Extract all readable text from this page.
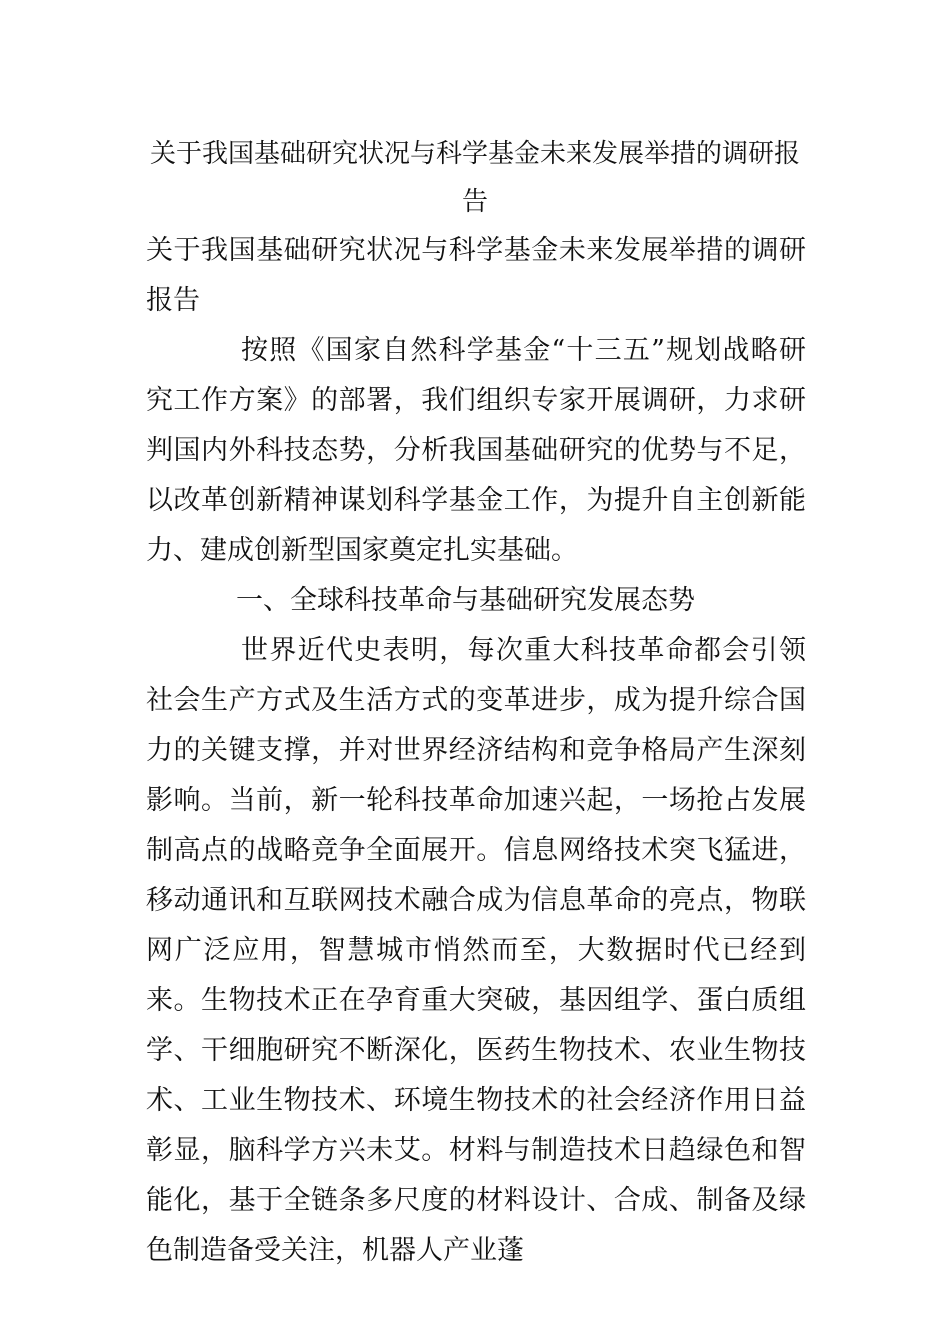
关于我国基础研究状况与科学基金未来发展举措的调研报告

关于我国基础研究状况与科学基金未来发展举措的调研报告

按照《国家自然科学基金“十三五”规划战略研究工作方案》的部署，我们组织专家开展调研，力求研判国内外科技态势，分析我国基础研究的优势与不足，以改革创新精神谋划科学基金工作，为提升自主创新能力、建成创新型国家奠定扎实基础。

一、全球科技革命与基础研究发展态势

世界近代史表明，每次重大科技革命都会引领社会生产方式及生活方式的变革进步，成为提升综合国力的关键支撑，并对世界经济结构和竞争格局产生深刻影响。当前，新一轮科技革命加速兴起，一场抢占发展制高点的战略竞争全面展开。信息网络技术突飞猛进，移动通讯和互联网技术融合成为信息革命的亮点，物联网广泛应用，智慧城市悄然而至，大数据时代已经到来。生物技术正在孕育重大突破，基因组学、蛋白质组学、干细胞研究不断深化，医药生物技术、农业生物技术、工业生物技术、环境生物技术的社会经济作用日益彰显，脑科学方兴未艾。材料与制造技术日趋绿色和智能化，基于全链条多尺度的材料设计、合成、制备及绿色制造备受关注，机器人产业蓬
